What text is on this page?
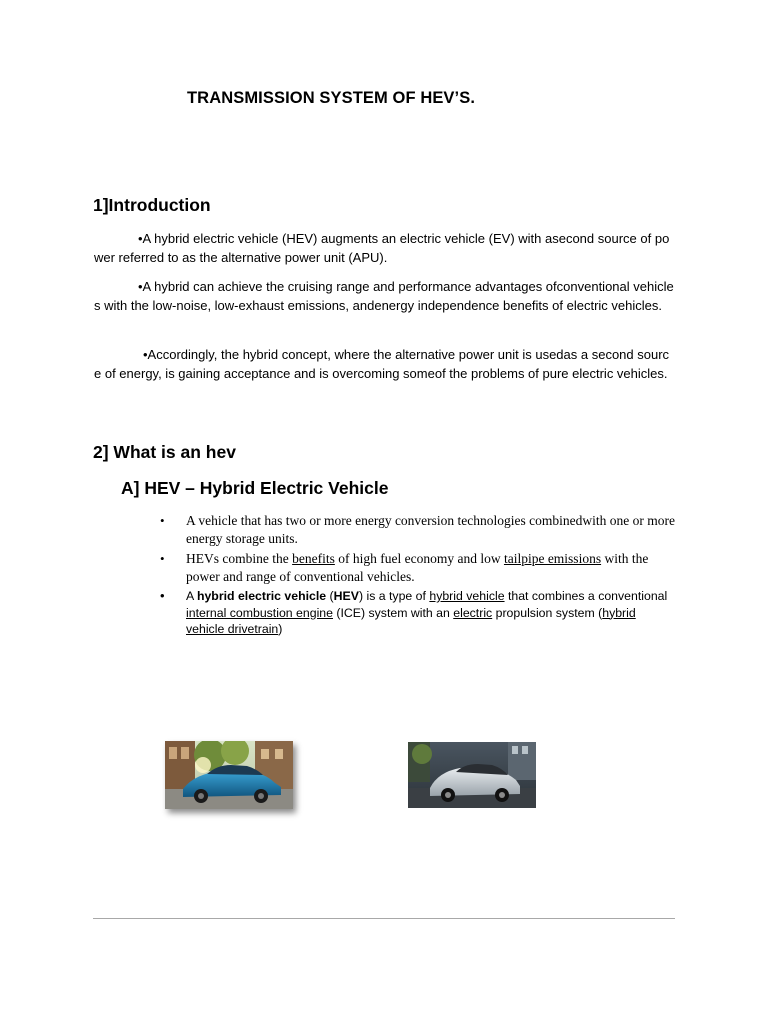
TRANSMISSION SYSTEM OF HEV’S.
1]Introduction
•A hybrid electric vehicle (HEV) augments an electric vehicle (EV) with asecond source of power referred to as the alternative power unit (APU).
•A hybrid can achieve the cruising range and performance advantages ofconventional vehicles with the low-noise, low-exhaust emissions, andenergy independence benefits of electric vehicles.
•Accordingly, the hybrid concept, where the alternative power unit is usedas a second source of energy, is gaining acceptance and is overcoming someof the problems of pure electric vehicles.
2] What is an hev
A] HEV – Hybrid Electric Vehicle
• A vehicle that has two or more energy conversion technologies combinedwith one or more energy storage units.
• HEVs combine the benefits of high fuel economy and low tailpipe emissions with the power and range of conventional vehicles.
• A hybrid electric vehicle (HEV) is a type of hybrid vehicle that combines a conventional internal combustion engine (ICE) system with an electric propulsion system (hybrid vehicle drivetrain)
